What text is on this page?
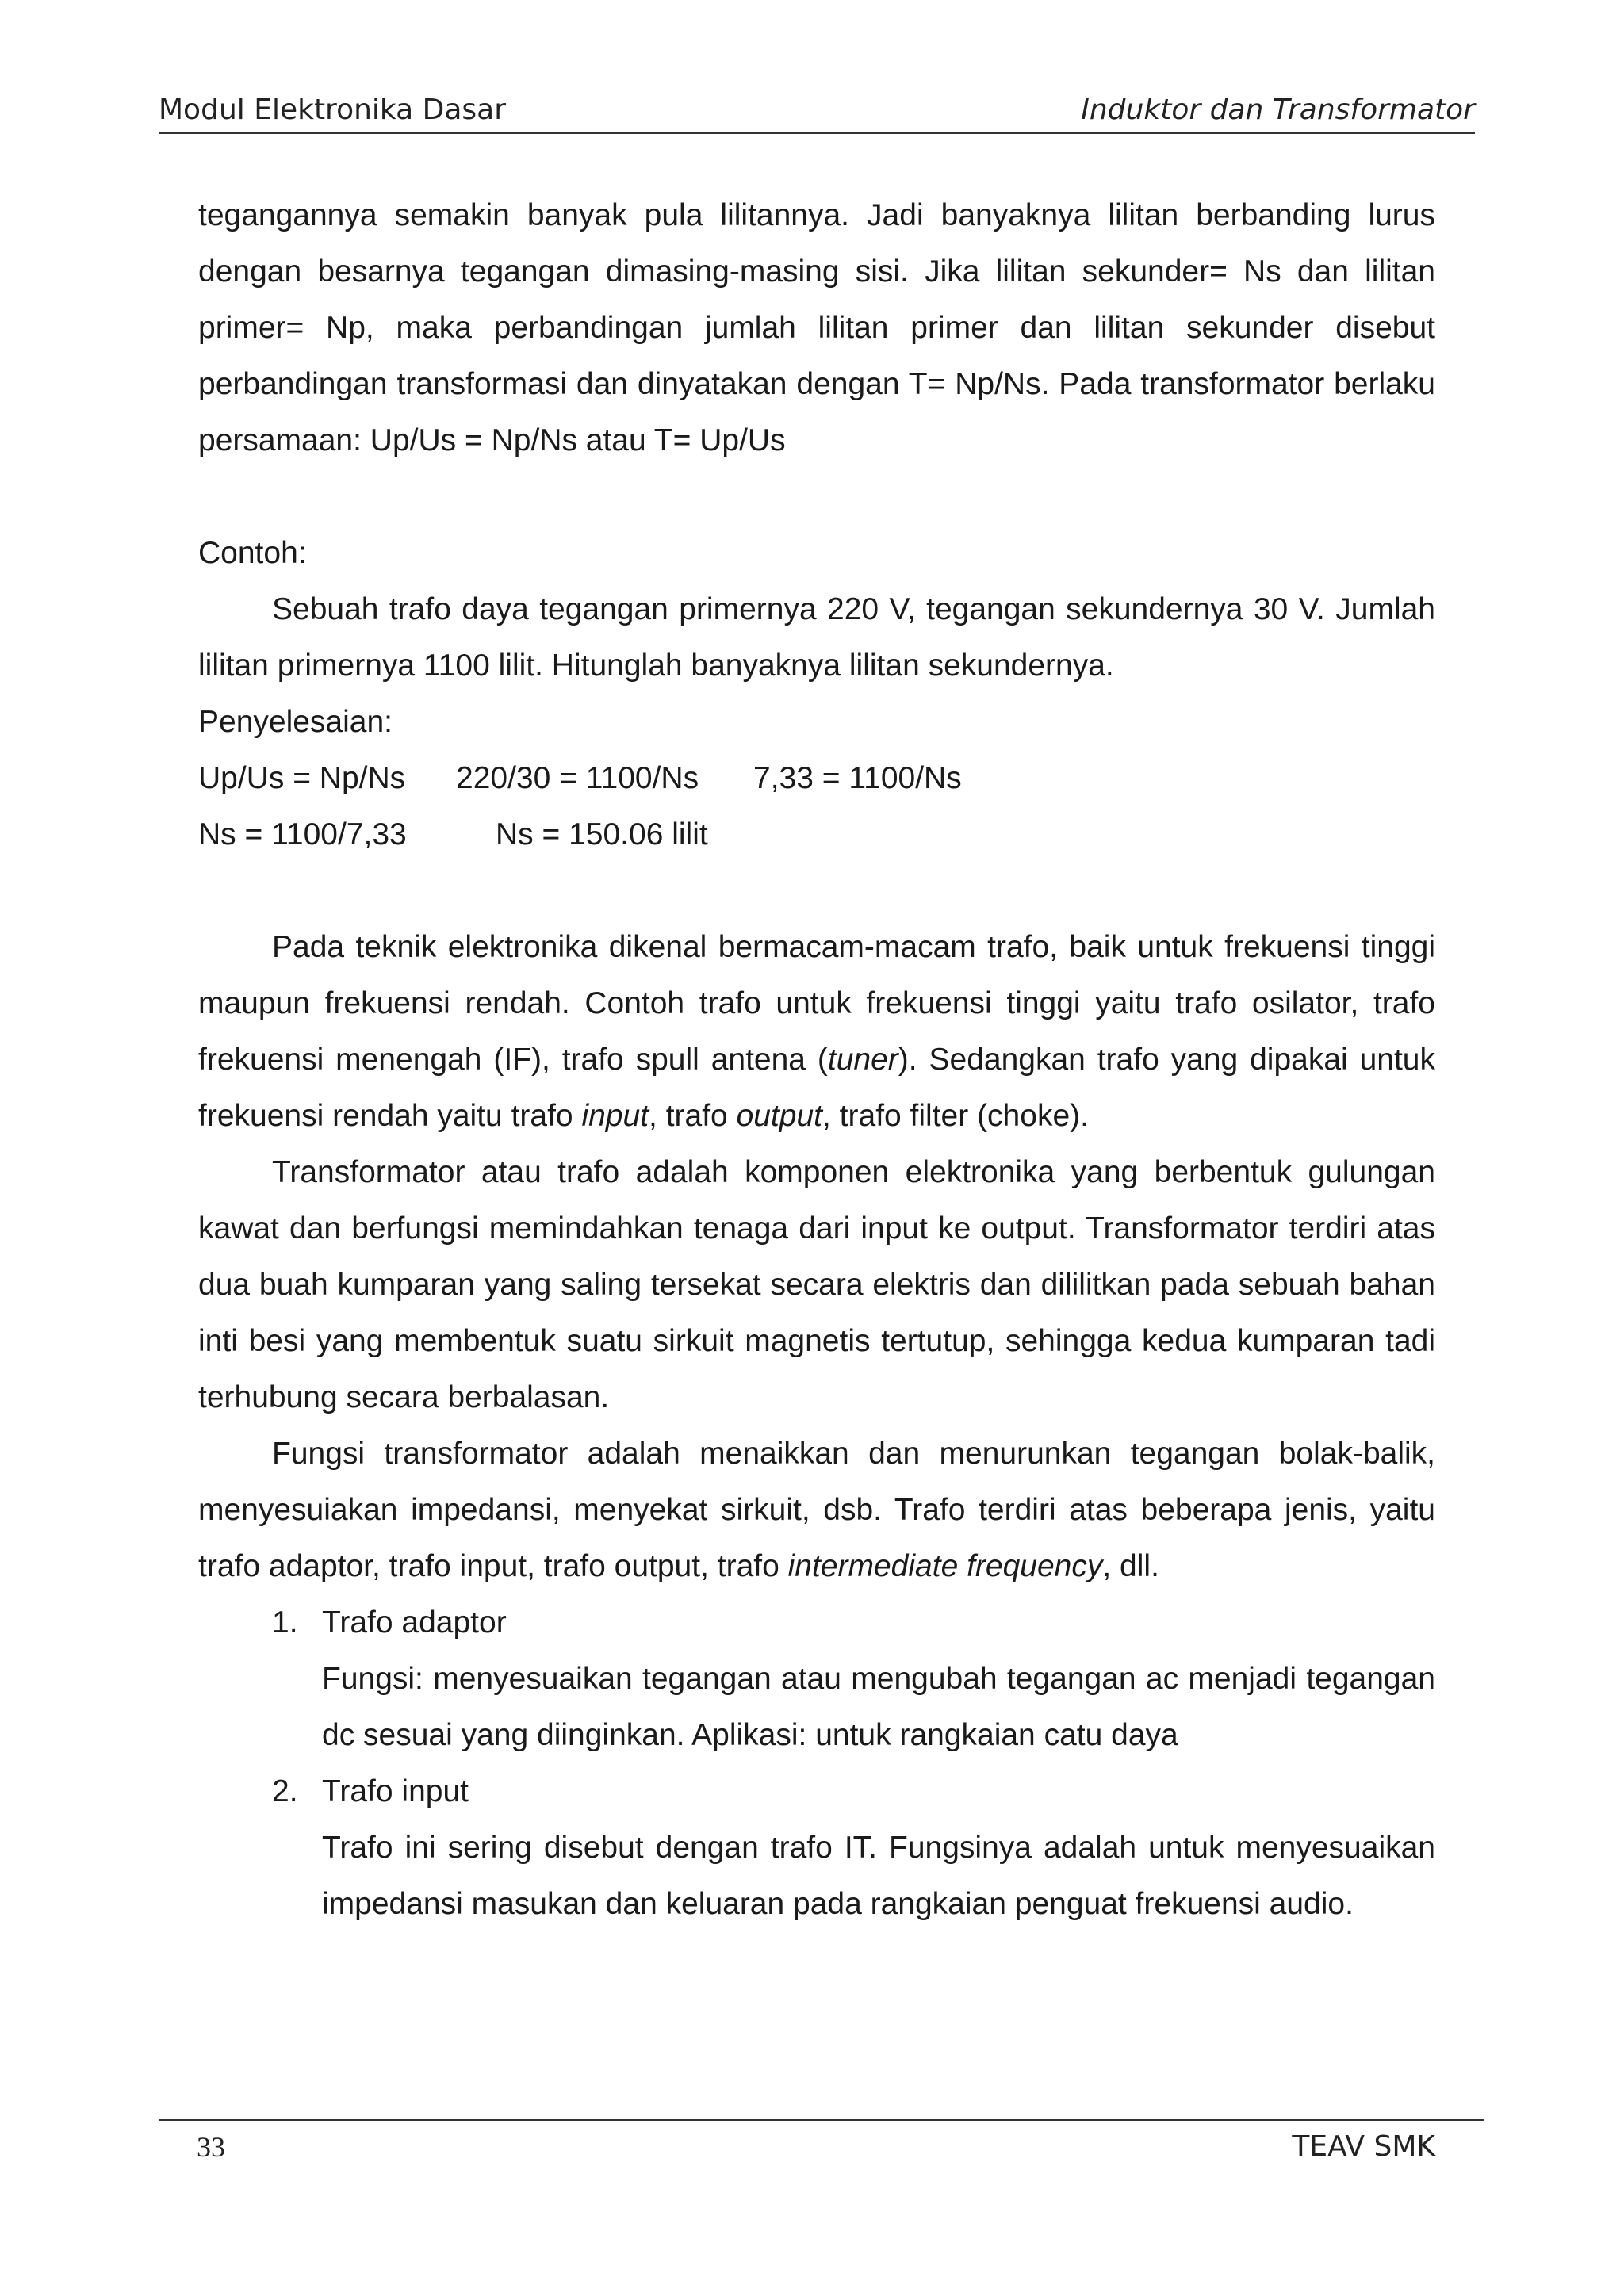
Modul Elektronika Dasar	Induktor dan Transformator

tegangannya semakin banyak pula lilitannya. Jadi banyaknya lilitan berbanding lurus dengan besarnya tegangan dimasing-masing sisi. Jika lilitan sekunder= Ns dan lilitan primer= Np, maka perbandingan jumlah lilitan primer dan lilitan sekunder disebut perbandingan transformasi dan dinyatakan dengan T= Np/Ns. Pada transformator berlaku persamaan: Up/Us = Np/Ns atau T= Up/Us

Contoh:

Sebuah trafo daya tegangan primernya 220 V, tegangan sekundernya 30 V. Jumlah lilitan primernya 1100 lilit. Hitunglah banyaknya lilitan sekundernya.

Penyelesaian:

Up/Us = Np/Ns	220/30 = 1100/Ns	7,33 = 1100/Ns
Ns = 1100/7,33	Ns = 150.06 lilit

Pada teknik elektronika dikenal bermacam-macam trafo, baik untuk frekuensi tinggi maupun frekuensi rendah. Contoh trafo untuk frekuensi tinggi yaitu trafo osilator, trafo frekuensi menengah (IF), trafo spull antena (tuner). Sedangkan trafo yang dipakai untuk frekuensi rendah yaitu trafo input, trafo output, trafo filter (choke).

Transformator atau trafo adalah komponen elektronika yang berbentuk gulungan kawat dan berfungsi memindahkan tenaga dari input ke output. Transformator terdiri atas dua buah kumparan yang saling tersekat secara elektris dan dililitkan pada sebuah bahan inti besi yang membentuk suatu sirkuit magnetis tertutup, sehingga kedua kumparan tadi terhubung secara berbalasan.

Fungsi transformator adalah menaikkan dan menurunkan tegangan bolak-balik, menyesuiakan impedansi, menyekat sirkuit, dsb. Trafo terdiri atas beberapa jenis, yaitu trafo adaptor, trafo input, trafo output, trafo intermediate frequency, dll.

1. Trafo adaptor
Fungsi: menyesuaikan tegangan atau mengubah tegangan ac menjadi tegangan dc sesuai yang diinginkan. Aplikasi: untuk rangkaian catu daya
2. Trafo input
Trafo ini sering disebut dengan trafo IT. Fungsinya adalah untuk menyesuaikan impedansi masukan dan keluaran pada rangkaian penguat frekuensi audio.
33	TEAV SMK
